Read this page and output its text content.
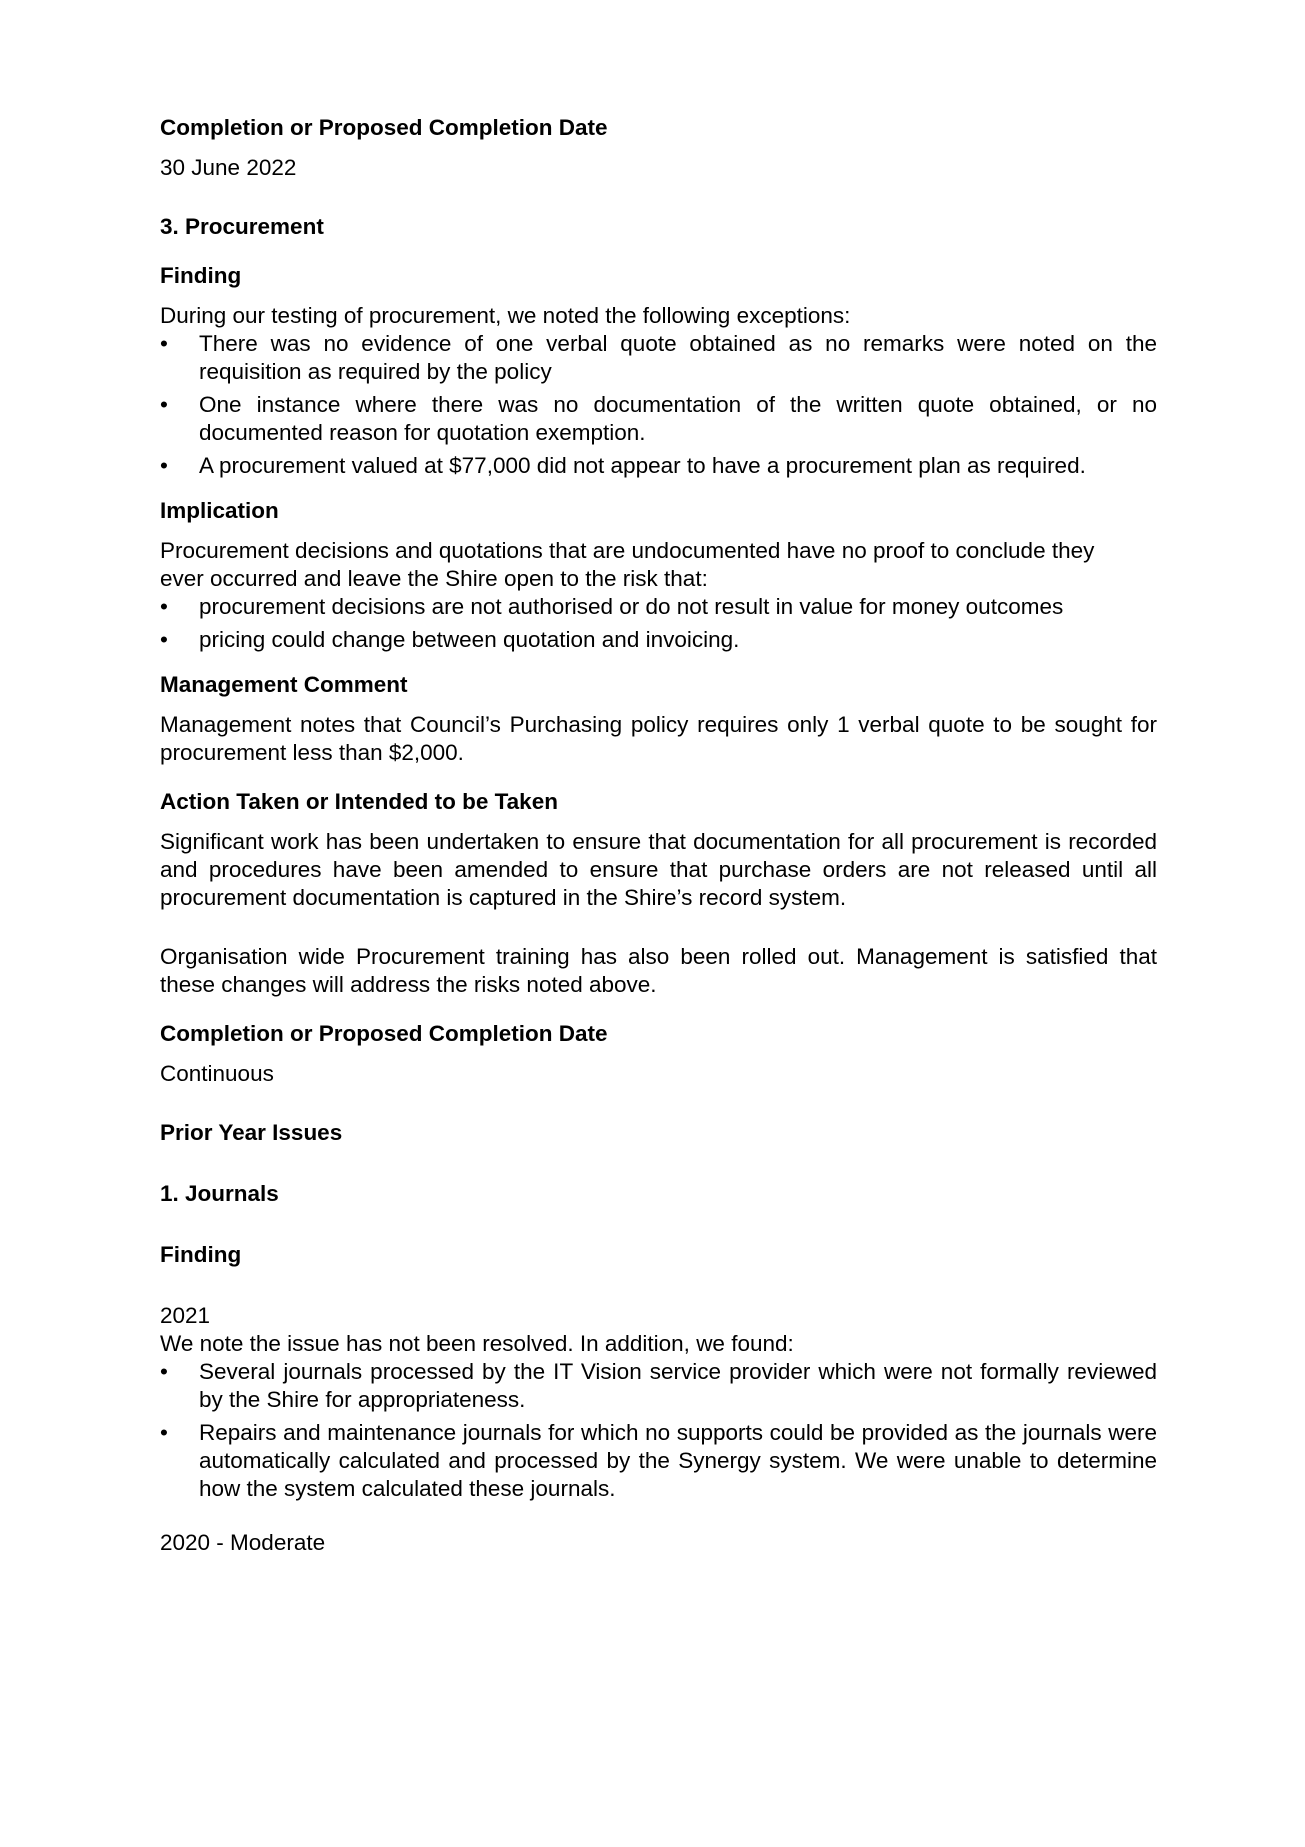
Completion or Proposed Completion Date

30 June 2022

3. Procurement

Finding

During our testing of procurement, we noted the following exceptions:

• There was no evidence of one verbal quote obtained as no remarks were noted on the requisition as required by the policy
• One instance where there was no documentation of the written quote obtained, or no documented reason for quotation exemption.
• A procurement valued at $77,000 did not appear to have a procurement plan as required.

Implication

Procurement decisions and quotations that are undocumented have no proof to conclude they

ever occurred and leave the Shire open to the risk that:

• procurement decisions are not authorised or do not result in value for money outcomes
• pricing could change between quotation and invoicing.

Management Comment

Management notes that Council’s Purchasing policy requires only 1 verbal quote to be sought for procurement less than $2,000.

Action Taken or Intended to be Taken

Significant work has been undertaken to ensure that documentation for all procurement is recorded and procedures have been amended to ensure that purchase orders are not released until all procurement documentation is captured in the Shire’s record system.

Organisation wide Procurement training has also been rolled out. Management is satisfied that these changes will address the risks noted above.

Completion or Proposed Completion Date

Continuous

Prior Year Issues

1. Journals

Finding

2021

We note the issue has not been resolved. In addition, we found:

• Several journals processed by the IT Vision service provider which were not formally reviewed by the Shire for appropriateness.
• Repairs and maintenance journals for which no supports could be provided as the journals were automatically calculated and processed by the Synergy system. We were unable to determine how the system calculated these journals.

2020 - Moderate
